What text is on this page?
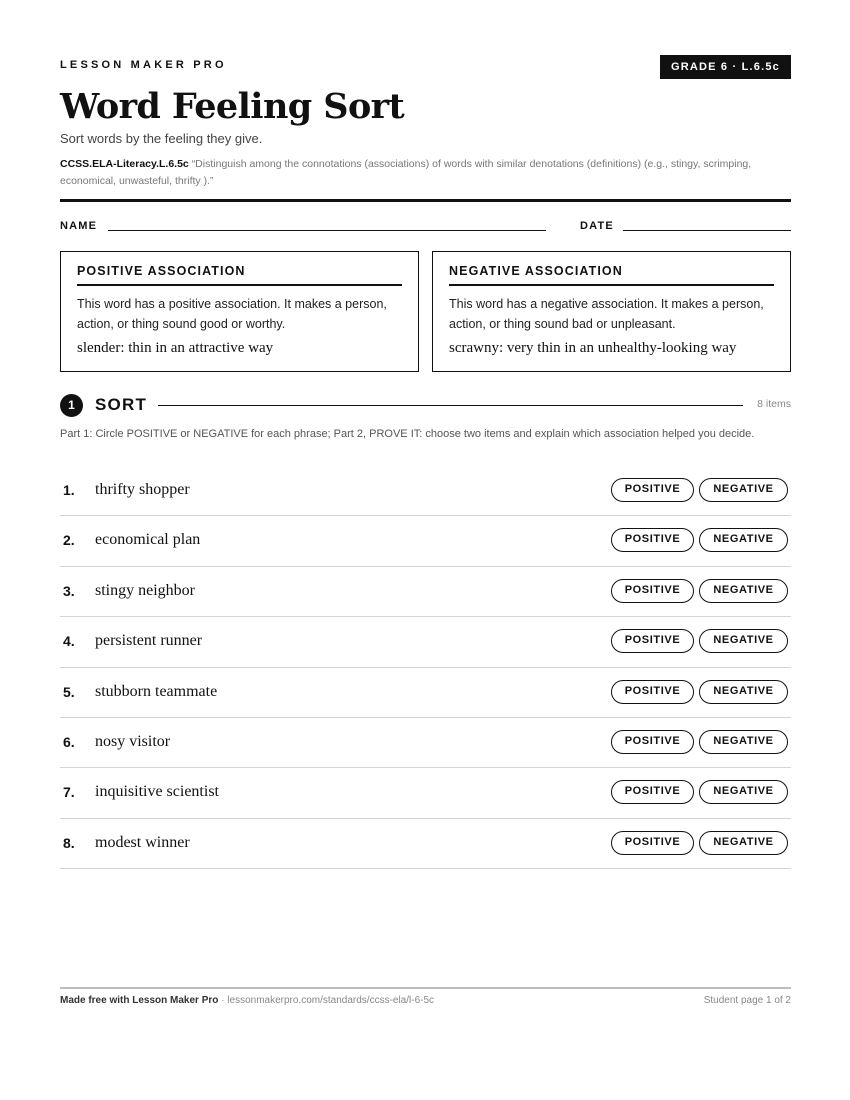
LESSON MAKER PRO	GRADE 6 · L.6.5c
Word Feeling Sort
Sort words by the feeling they give.
CCSS.ELA-Literacy.L.6.5c “Distinguish among the connotations (associations) of words with similar denotations (definitions) (e.g., stingy, scrimping, economical, unwasteful, thrifty ).”
NAME	DATE
POSITIVE ASSOCIATION
This word has a positive association. It makes a person, action, or thing sound good or worthy.
slender: thin in an attractive way
NEGATIVE ASSOCIATION
This word has a negative association. It makes a person, action, or thing sound bad or unpleasant.
scrawny: very thin in an unhealthy-looking way
1	SORT	8 items
Part 1: Circle POSITIVE or NEGATIVE for each phrase; Part 2, PROVE IT: choose two items and explain which association helped you decide.
1. thrifty shopper	POSITIVE	NEGATIVE
2. economical plan	POSITIVE	NEGATIVE
3. stingy neighbor	POSITIVE	NEGATIVE
4. persistent runner	POSITIVE	NEGATIVE
5. stubborn teammate	POSITIVE	NEGATIVE
6. nosy visitor	POSITIVE	NEGATIVE
7. inquisitive scientist	POSITIVE	NEGATIVE
8. modest winner	POSITIVE	NEGATIVE
Made free with Lesson Maker Pro · lessonmakerpro.com/standards/ccss-ela/l-6-5c	Student page 1 of 2
